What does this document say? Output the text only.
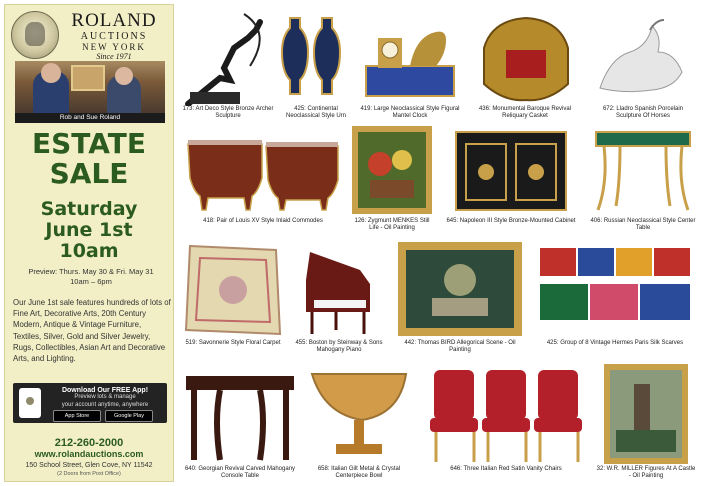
ROLAND
AUCTIONS
NEW YORK
Since 1971
Rob and Sue Roland
ESTATE
SALE
Saturday
June 1st
10am
Preview: Thurs. May 30 & Fri. May 31
10am – 6pm
Our June 1st sale features hundreds of lots of Fine Art, Decorative Arts, 20th Century Modern, Antique & Vintage Furniture, Textiles, Silver, Gold and Silver Jewelry, Rugs, Collectibles, Asian Art and Decorative Arts, and Lighting.
Download Our FREE App!
Preview lots & manage
your account anytime, anywhere
App Store	Google Play
212-260-2000
www.rolandauctions.com
150 School Street, Glen Cove, NY 11542
(2 Doors from Post Office)
173: Art Deco Style Bronze Archer Sculpture
425: Continental Neoclassical Style Urn
419: Large Neoclassical Style Figural Mantel Clock
436: Monumental Baroque Revival Reliquary Casket
672: Lladro Spanish Porcelain Sculpture Of Horses
418: Pair of Louis XV Style Inlaid Commodes	126: Zygmunt MENKES Still Life - Oil Painting
645: Napoleon III Style Bronze-Mounted Cabinet	406: Russian Neoclassical Style Center Table
519: Savonnerie Style Floral Carpet	455: Boston by Steinway & Sons Mahogany Piano
442: Thomas BIRD Allegorical Scene - Oil Painting
425: Group of 8 Vintage Hermes Paris Silk Scarves
640: Georgian Revival Carved Mahogany Console Table
658: Italian Gilt Metal & Crystal Centerpiece Bowl
646: Three Italian Red Satin Vanity Chairs	32: W.R. MILLER Figures At A Castle - Oil Painting
